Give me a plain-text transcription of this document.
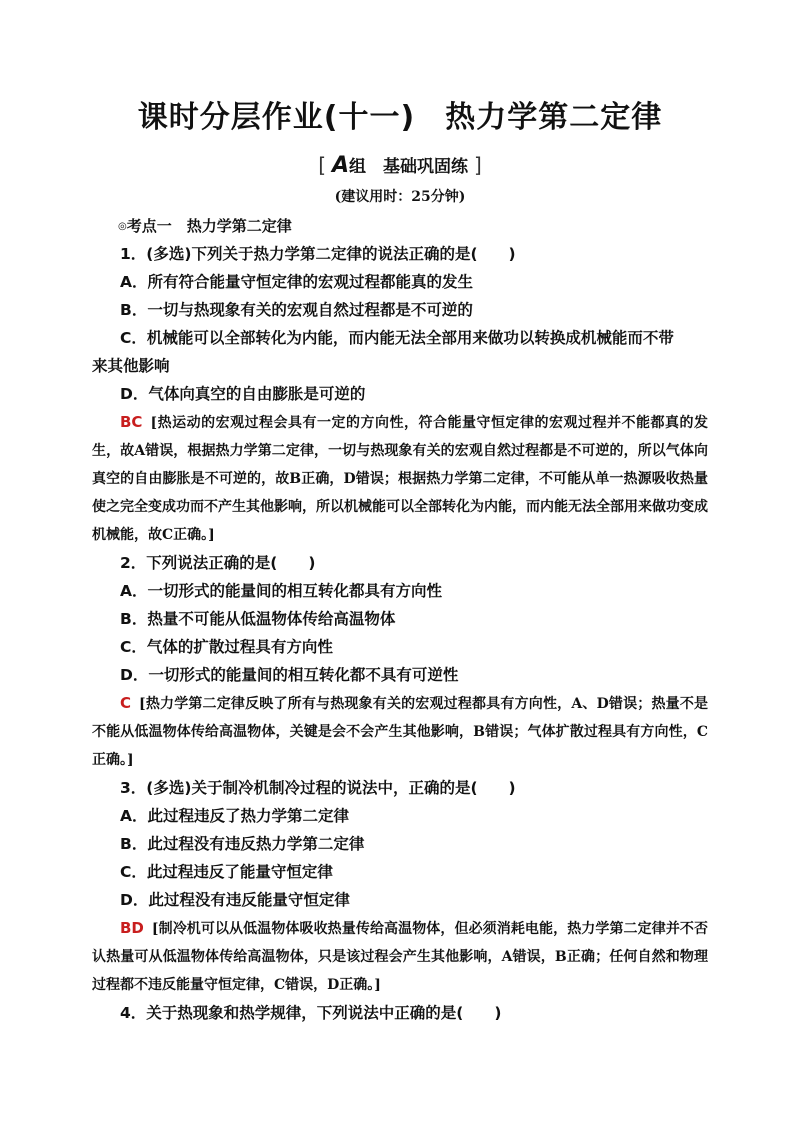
课时分层作业(十一) 热力学第二定律
[ A组　基础巩固练 ]
(建议用时：25分钟)
◎考点一　热力学第二定律
1．(多选)下列关于热力学第二定律的说法正确的是(　　)
A．所有符合能量守恒定律的宏观过程都能真的发生
B．一切与热现象有关的宏观自然过程都是不可逆的
C．机械能可以全部转化为内能，而内能无法全部用来做功以转换成机械能而不带
来其他影响
D．气体向真空的自由膨胀是可逆的

BC [热运动的宏观过程会具有一定的方向性，符合能量守恒定律的宏观过程并不能都真的发生，故A错误，根据热力学第二定律，一切与热现象有关的宏观自然过程都是不可逆的，所以气体向真空的自由膨胀是不可逆的，故B正确，D错误；根据热力学第二定律，不可能从单一热源吸收热量使之完全变成功而不产生其他影响，所以机械能可以全部转化为内能，而内能无法全部用来做功变成机械能，故C正确。]

2．下列说法正确的是(　　)
A．一切形式的能量间的相互转化都具有方向性
B．热量不可能从低温物体传给高温物体
C．气体的扩散过程具有方向性
D．一切形式的能量间的相互转化都不具有可逆性

C [热力学第二定律反映了所有与热现象有关的宏观过程都具有方向性，A、D错误；热量不是不能从低温物体传给高温物体，关键是会不会产生其他影响，B错误；气体扩散过程具有方向性，C正确。]

3．(多选)关于制冷机制冷过程的说法中，正确的是(　　)
A．此过程违反了热力学第二定律
B．此过程没有违反热力学第二定律
C．此过程违反了能量守恒定律
D．此过程没有违反能量守恒定律

BD [制冷机可以从低温物体吸收热量传给高温物体，但必须消耗电能，热力学第二定律并不否认热量可从低温物体传给高温物体，只是该过程会产生其他影响，A错误，B正确；任何自然和物理过程都不违反能量守恒定律，C错误，D正确。]

4．关于热现象和热学规律，下列说法中正确的是(　　)
